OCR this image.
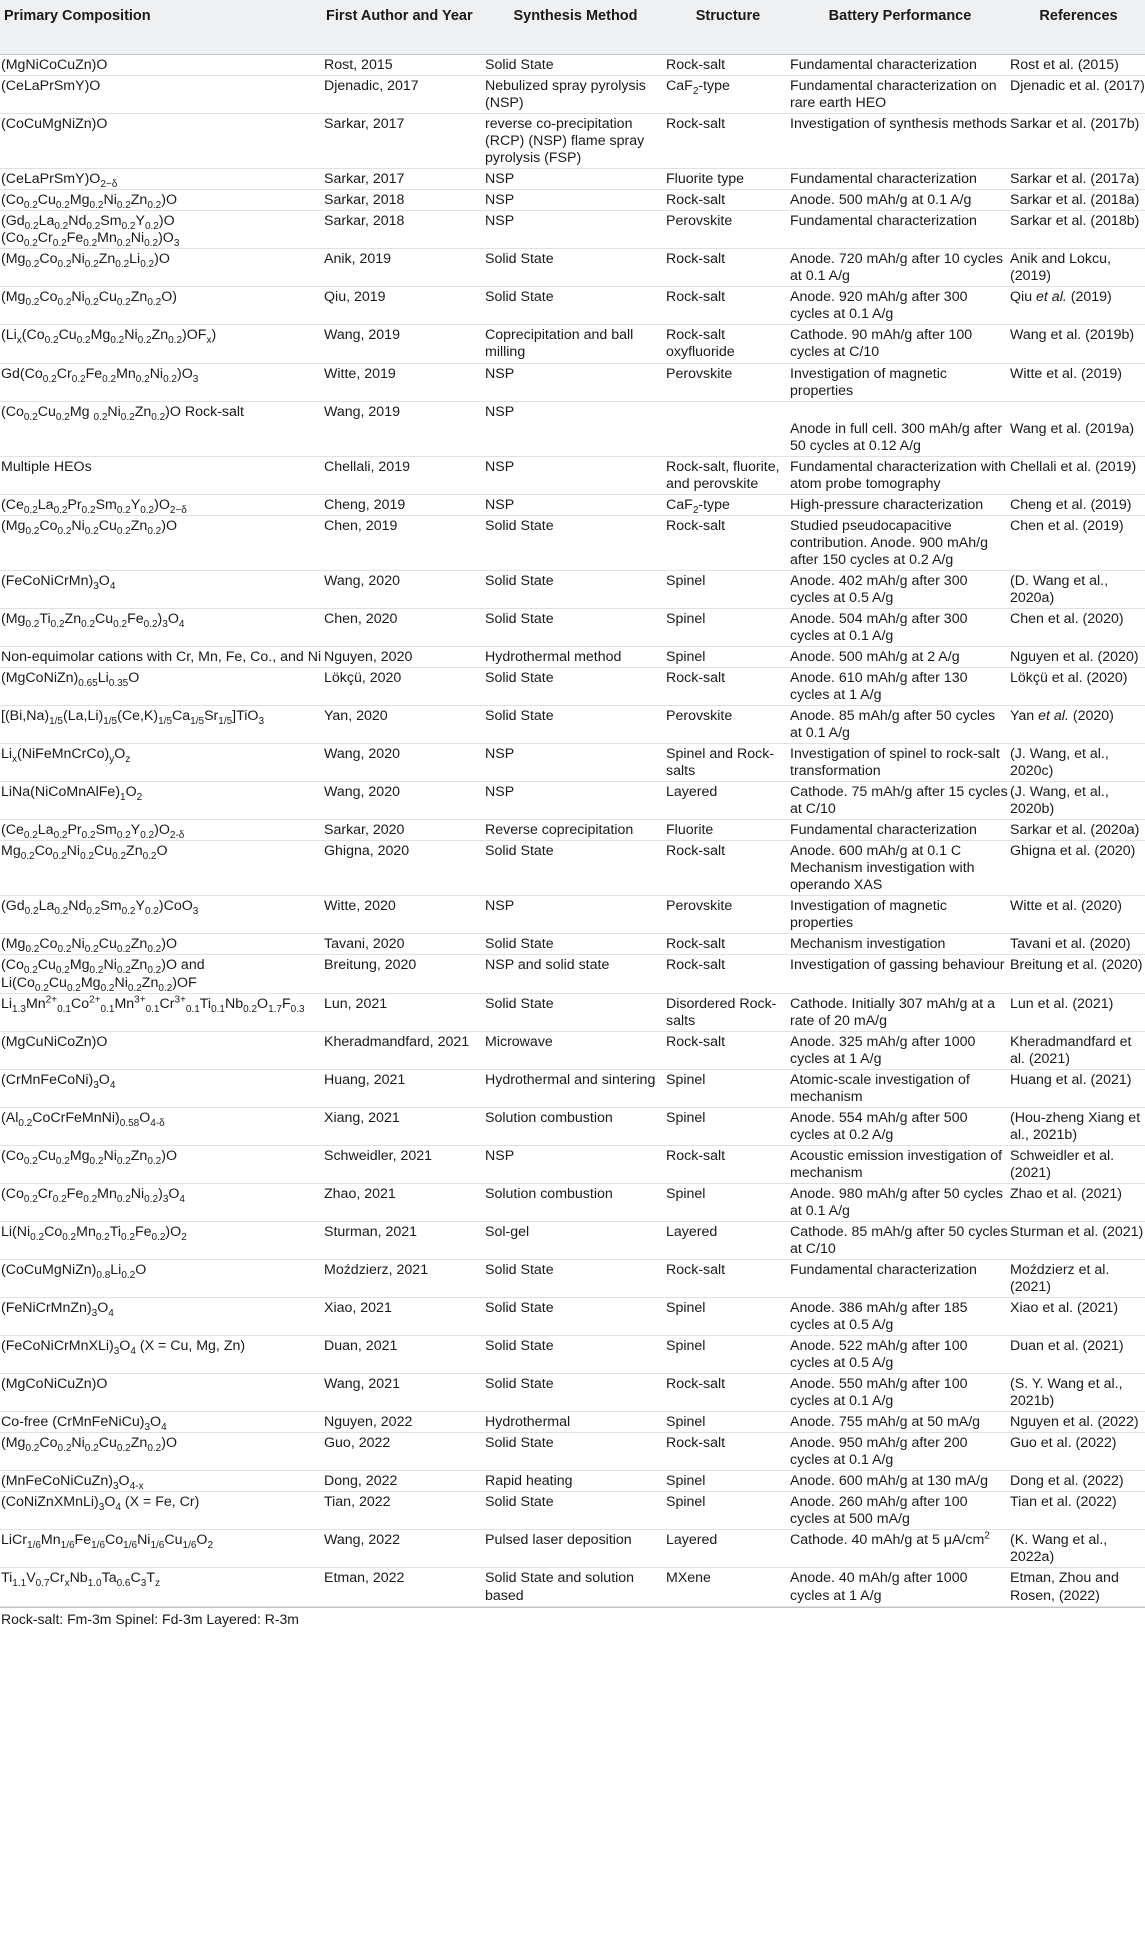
Primary Composition	First Author and Year	Synthesis Method	Structure	Battery Performance	References
(MgNiCoCuZn)O	Rost, 2015	Solid State	Rock-salt	Fundamental characterization	Rost et al. (2015)
(CeLaPrSmY)O	Djenadic, 2017	Nebulized spray pyrolysis (NSP)	CaF$_2$-type	Fundamental characterization on rare earth HEO	Djenadic et al. (2017)
(CoCuMgNiZn)O	Sarkar, 2017	reverse co-precipitation (RCP) (NSP) flame spray pyrolysis (FSP)	Rock-salt	Investigation of synthesis methods	Sarkar et al. (2017b)
$(CeLaPrSmY)O_{2-\delta}$	Sarkar, 2017	NSP	Fluorite type	Fundamental characterization	Sarkar et al. (2017a)
$(Co_{0.2}Cu_{0.2}Mg_{0.2}Ni_{0.2}Zn_{0.2})O$	Sarkar, 2018	NSP	Rock-salt	Anode. 500 mAh/g at 0.1 A/g	Sarkar et al. (2018a)
$(Gd_{0.2}La_{0.2}Nd_{0.2}Sm_{0.2}Y_{0.2})O$ $(Co_{0.2}Cr_{0.2}Fe_{0.2}Mn_{0.2}Ni_{0.2})O_3$	Sarkar, 2018	NSP	Perovskite	Fundamental characterization	Sarkar et al. (2018b)
$(Mg_{0.2}Co_{0.2}Ni_{0.2}Zn_{0.2}Li_{0.2})O$	Anik, 2019	Solid State	Rock-salt	Anode. 720 mAh/g after 10 cycles at 0.1 A/g	Anik and Lokcu, (2019)
$(Mg_{0.2}Co_{0.2}Ni_{0.2}Cu_{0.2}Zn_{0.2}O)$	Qiu, 2019	Solid State	Rock-salt	Anode. 920 mAh/g after 300 cycles at 0.1 A/g	Qiu et al. (2019)
$(Li_x(Co_{0.2}Cu_{0.2}Mg_{0.2}Ni_{0.2}Zn_{0.2})OF_x)$	Wang, 2019	Coprecipitation and ball milling	Rock-salt oxyfluoride	Cathode. 90 mAh/g after 100 cycles at C/10	Wang et al. (2019b)
$Gd(Co_{0.2}Cr_{0.2}Fe_{0.2}Mn_{0.2}Ni_{0.2})O_3$	Witte, 2019	NSP	Perovskite	Investigation of magnetic properties	Witte et al. (2019)
($Co_{0.2}Cu_{0.2}Mg$ $_{0.2}Ni_{0.2}Zn_{0.2})O$ Rock-salt	Wang, 2019	NSP		Anode in full cell. 300 mAh/g after 50 cycles at 0.12 A/g	Wang et al. (2019a)
Multiple HEOs	Chellali, 2019	NSP	Rock-salt, fluorite, and perovskite	Fundamental characterization with atom probe tomography	Chellali et al. (2019)
$(Ce_{0.2}La_{0.2}Pr_{0.2}Sm_{0.2}Y_{0.2})O_{2-\delta}$	Cheng, 2019	NSP	CaF$_2$-type	High-pressure characterization	Cheng et al. (2019)
$(Mg_{0.2}Co_{0.2}Ni_{0.2}Cu_{0.2}Zn_{0.2})O$	Chen, 2019	Solid State	Rock-salt	Studied pseudocapacitive contribution. Anode. 900 mAh/g after 150 cycles at 0.2 A/g	Chen et al. (2019)
$(FeCoNiCrMn)_3O_4$	Wang, 2020	Solid State	Spinel	Anode. 402 mAh/g after 300 cycles at 0.5 A/g	(D. Wang et al., 2020a)
$(Mg_{0.2}Ti_{0.2}Zn_{0.2}Cu_{0.2}Fe_{0.2})_3O_4$	Chen, 2020	Solid State	Spinel	Anode. 504 mAh/g after 300 cycles at 0.1 A/g	Chen et al. (2020)
Non-equimolar cations with Cr, Mn, Fe, Co., and Ni	Nguyen, 2020	Hydrothermal method	Spinel	Anode. 500 mAh/g at 2 A/g	Nguyen et al. (2020)
$(MgCoNiZn)_{0.65}Li_{0.35}O$	Lökçü, 2020	Solid State	Rock-salt	Anode. 610 mAh/g after 130 cycles at 1 A/g	Lökçü et al. (2020)
$[(Bi,Na)_{1/5}(La,Li)_{1/5}(Ce,K)_{1/5}Ca_{1/5}Sr_{1/5}]TiO_3$	Yan, 2020	Solid State	Perovskite	Anode. 85 mAh/g after 50 cycles at 0.1 A/g	Yan et al. (2020)
$Li_x(NiFeMnCrCo)_yO_z$	Wang, 2020	NSP	Spinel and Rock-salts	Investigation of spinel to rock-salt transformation	(J. Wang, et al., 2020c)
$LiNa(NiCoMnAlFe)_1O_2$	Wang, 2020	NSP	Layered	Cathode. 75 mAh/g after 15 cycles at C/10	(J. Wang, et al., 2020b)
$(Ce_{0.2}La_{0.2}Pr_{0.2}Sm_{0.2}Y_{0.2})O_{2-\delta}$	Sarkar, 2020	Reverse coprecipitation	Fluorite	Fundamental characterization	Sarkar et al. (2020a)
$Mg_{0.2}Co_{0.2}Ni_{0.2}Cu_{0.2}Zn_{0.2}O$	Ghigna, 2020	Solid State	Rock-salt	Anode. 600 mAh/g at 0.1 C Mechanism investigation with operando XAS	Ghigna et al. (2020)
$(Gd_{0.2}La_{0.2}Nd_{0.2}Sm_{0.2}Y_{0.2})CoO_3$	Witte, 2020	NSP	Perovskite	Investigation of magnetic properties	Witte et al. (2020)
$(Mg_{0.2}Co_{0.2}Ni_{0.2}Cu_{0.2}Zn_{0.2})O$	Tavani, 2020	Solid State	Rock-salt	Mechanism investigation	Tavani et al. (2020)
$(Co_{0.2}Cu_{0.2}Mg_{0.2}Ni_{0.2}Zn_{0.2})O$ and $Li(Co_{0.2}Cu_{0.2}Mg_{0.2}Ni_{0.2}Zn_{0.2})OF$	Breitung, 2020	NSP and solid state	Rock-salt	Investigation of gassing behaviour	Breitung et al. (2020)
$Li_{1.3}Mn^{2+}_{0.1}Co^{2+}_{0.1}Mn^{3+}_{0.1}Cr^{3+}_{0.1}Ti_{0.1}Nb_{0.2}O_{1.7}F_{0.3}$	Lun, 2021	Solid State	Disordered Rock-salts	Cathode. Initially 307 mAh/g at a rate of 20 mA/g	Lun et al. (2021)
(MgCuNiCoZn)O	Kheradmandfard, 2021	Microwave	Rock-salt	Anode. 325 mAh/g after 1000 cycles at 1 A/g	Kheradmandfard et al. (2021)
$(CrMnFeCoNi)_3O_4$	Huang, 2021	Hydrothermal and sintering	Spinel	Atomic-scale investigation of mechanism	Huang et al. (2021)
$(Al_{0.2}CoCrFeMnNi)_{0.58}O_{4-\delta}$	Xiang, 2021	Solution combustion	Spinel	Anode. 554 mAh/g after 500 cycles at 0.2 A/g	(Hou-zheng Xiang et al., 2021b)
$(Co_{0.2}Cu_{0.2}Mg_{0.2}Ni_{0.2}Zn_{0.2})O$	Schweidler, 2021	NSP	Rock-salt	Acoustic emission investigation of mechanism	Schweidler et al. (2021)
$(Co_{0.2}Cr_{0.2}Fe_{0.2}Mn_{0.2}Ni_{0.2})_3O_4$	Zhao, 2021	Solution combustion	Spinel	Anode. 980 mAh/g after 50 cycles at 0.1 A/g	Zhao et al. (2021)
$Li(Ni_{0.2}Co_{0.2}Mn_{0.2}Ti_{0.2}Fe_{0.2})O_2$	Sturman, 2021	Sol-gel	Layered	Cathode. 85 mAh/g after 50 cycles at C/10	Sturman et al. (2021)
$(CoCuMgNiZn)_{0.8}Li_{0.2}O$	Moździerz, 2021	Solid State	Rock-salt	Fundamental characterization	Moździerz et al. (2021)
$(FeNiCrMnZn)_3O_4$	Xiao, 2021	Solid State	Spinel	Anode. 386 mAh/g after 185 cycles at 0.5 A/g	Xiao et al. (2021)
$(FeCoNiCrMnXLi)_3O_4$ (X = Cu, Mg, Zn)	Duan, 2021	Solid State	Spinel	Anode. 522 mAh/g after 100 cycles at 0.5 A/g	Duan et al. (2021)
(MgCoNiCuZn)O	Wang, 2021	Solid State	Rock-salt	Anode. 550 mAh/g after 100 cycles at 0.1 A/g	(S. Y. Wang et al., 2021b)
Co-free $(CrMnFeNiCu)_3O_4$	Nguyen, 2022	Hydrothermal	Spinel	Anode. 755 mAh/g at 50 mA/g	Nguyen et al. (2022)
$(Mg_{0.2}Co_{0.2}Ni_{0.2}Cu_{0.2}Zn_{0.2})O$	Guo, 2022	Solid State	Rock-salt	Anode. 950 mAh/g after 200 cycles at 0.1 A/g	Guo et al. (2022)
$(MnFeCoNiCuZn)_3O_{4-x}$	Dong, 2022	Rapid heating	Spinel	Anode. 600 mAh/g at 130 mA/g	Dong et al. (2022)
$(CoNiZnXMnLi)_3O_4$ (X = Fe, Cr)	Tian, 2022	Solid State	Spinel	Anode. 260 mAh/g after 100 cycles at 500 mA/g	Tian et al. (2022)
$LiCr_{1/6}Mn_{1/6}Fe_{1/6}Co_{1/6}Ni_{1/6}Cu_{1/6}O_2$	Wang, 2022	Pulsed laser deposition	Layered	Cathode. 40 mAh/g at 5 $\mu A/cm^2$	(K. Wang et al., 2022a)
$Ti_{1.1}V_{0.7}Cr_xNb_{1.0}Ta_{0.6}C_3T_z$	Etman, 2022	Solid State and solution based	MXene	Anode. 40 mAh/g after 1000 cycles at 1 A/g	Etman, Zhou and Rosen, (2022)
Rock-salt: Fm-3m Spinel: Fd-3m Layered: R-3m
